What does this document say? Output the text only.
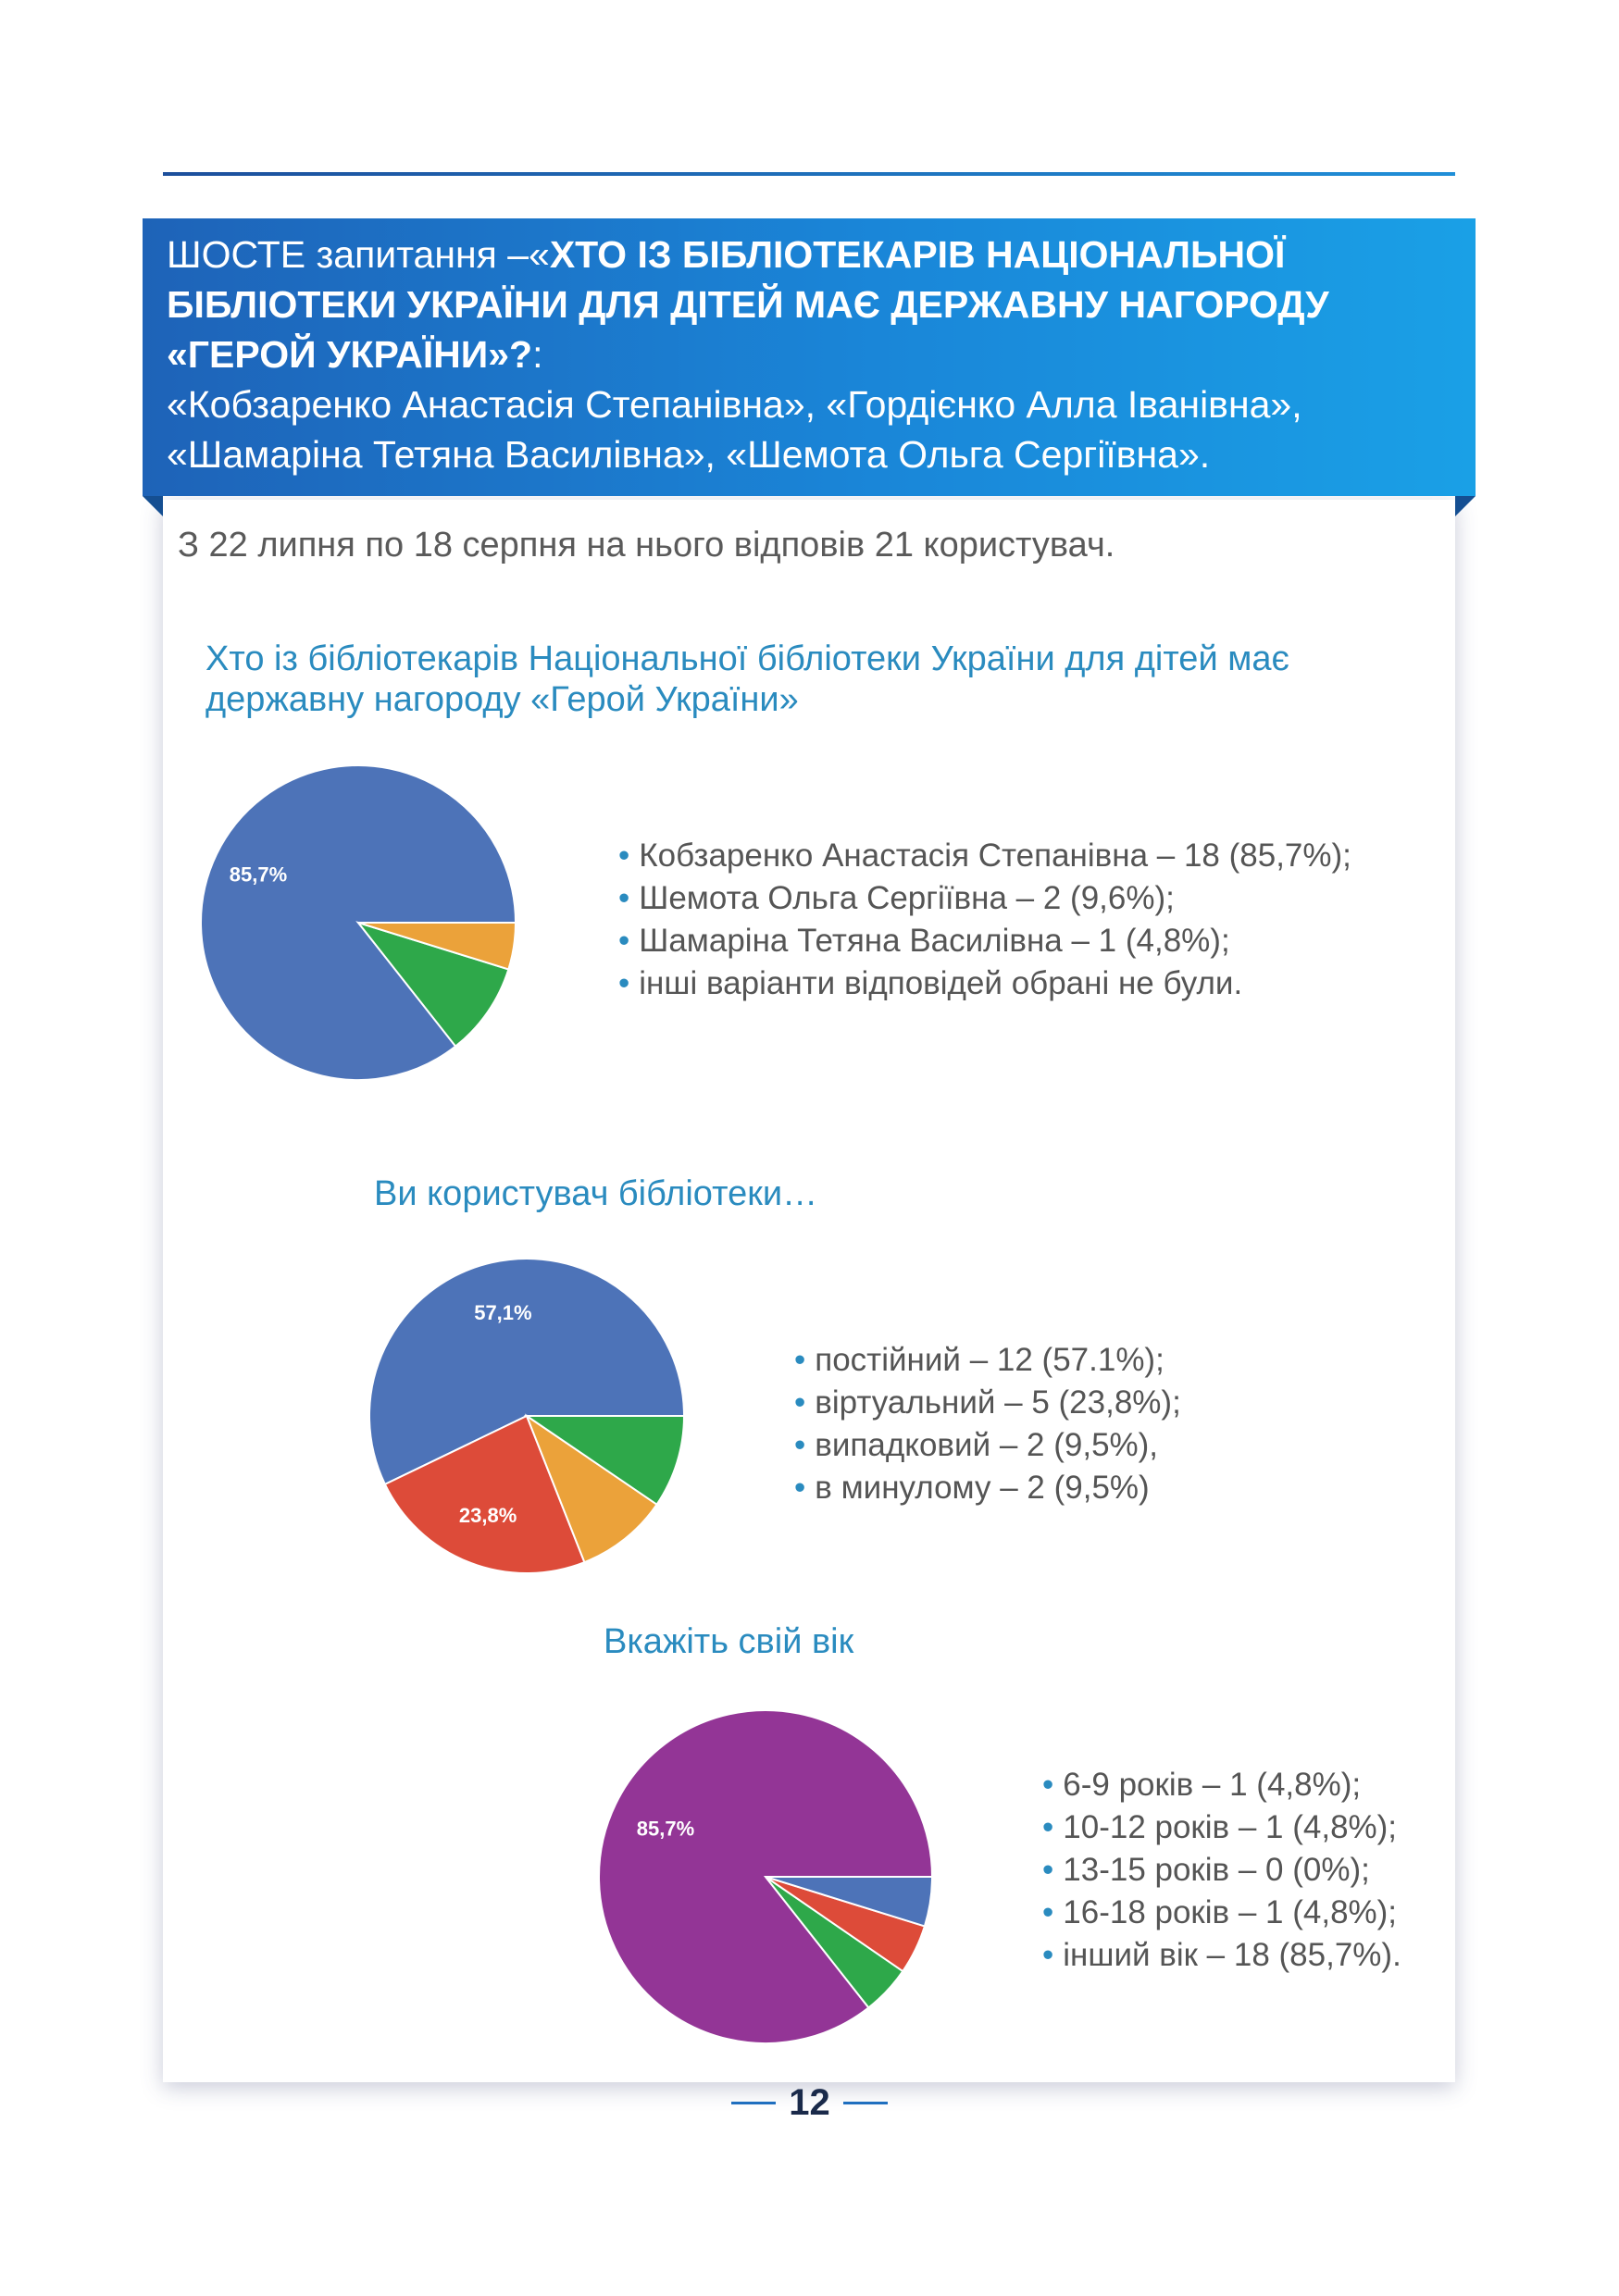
ШОСТЕ запитання –«ХТО ІЗ БІБЛІОТЕКАРІВ НАЦІОНАЛЬНОЇ
БІБЛІОТЕКИ УКРАЇНИ ДЛЯ ДІТЕЙ МАЄ ДЕРЖАВНУ НАГОРОДУ
«ГЕРОЙ УКРАЇНИ»?:
«Кобзаренко Анастасія Степанівна», «Гордієнко Алла Іванівна»,
«Шамаріна Тетяна Василівна», «Шемота Ольга Сергіївна».
З 22 липня по 18 серпня на нього відповів 21 користувач.
Хто із бібліотекарів Національної бібліотеки України для дітей має
державну нагороду «Герой України»
85,7%
• Кобзаренко Анастасія Степанівна – 18 (85,7%);
• Шемота Ольга Сергіївна – 2 (9,6%);
• Шамаріна Тетяна Василівна – 1 (4,8%);
• інші варіанти відповідей обрані не були.
Ви користувач бібліотеки…
57,1%
23,8%
• постійний – 12 (57.1%);
• віртуальний – 5 (23,8%);
• випадковий – 2 (9,5%),
• в минулому – 2 (9,5%)
Вкажіть свій вік
85,7%
• 6-9 років – 1 (4,8%);
• 10-12 років – 1 (4,8%);
• 13-15 років – 0 (0%);
• 16-18 років – 1 (4,8%);
• інший вік – 18 (85,7%).
12
